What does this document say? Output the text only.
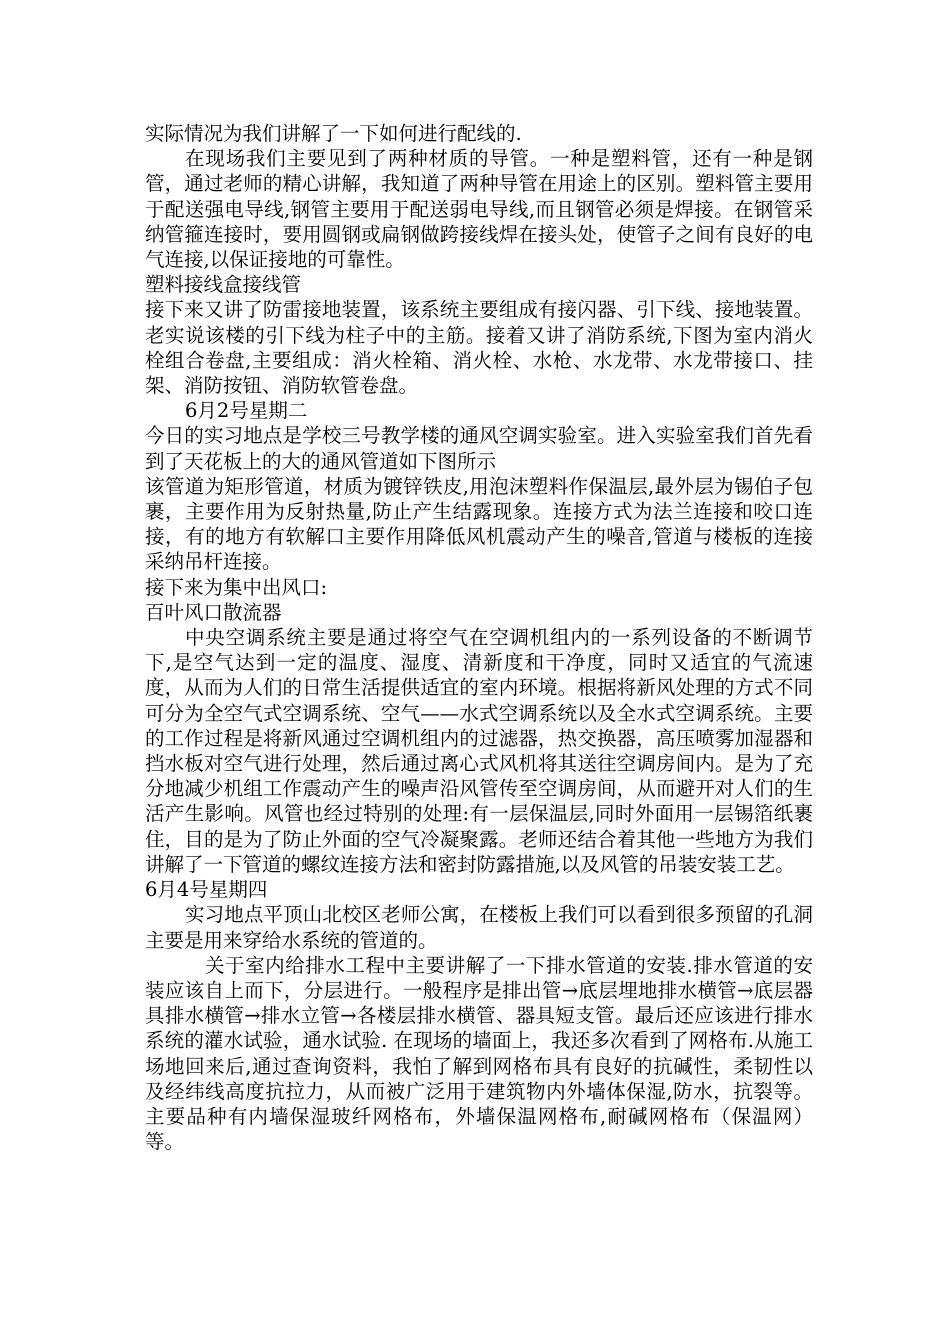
实际情况为我们讲解了一下如何进行配线的.

在现场我们主要见到了两种材质的导管。一种是塑料管，还有一种是钢管，通过老师的精心讲解，我知道了两种导管在用途上的区别。塑料管主要用于配送强电导线,钢管主要用于配送弱电导线,而且钢管必须是焊接。在钢管采纳管箍连接时，要用圆钢或扁钢做跨接线焊在接头处，使管子之间有良好的电气连接,以保证接地的可靠性。

塑料接线盒接线管

接下来又讲了防雷接地装置，该系统主要组成有接闪器、引下线、接地装置。老实说该楼的引下线为柱子中的主筋。接着又讲了消防系统,下图为室内消火栓组合卷盘,主要组成：消火栓箱、消火栓、水枪、水龙带、水龙带接口、挂架、消防按钮、消防软管卷盘。

6月2号星期二

今日的实习地点是学校三号教学楼的通风空调实验室。进入实验室我们首先看到了天花板上的大的通风管道如下图所示

该管道为矩形管道，材质为镀锌铁皮,用泡沫塑料作保温层,最外层为锡伯子包裹，主要作用为反射热量,防止产生结露现象。连接方式为法兰连接和咬口连接，有的地方有软解口主要作用降低风机震动产生的噪音,管道与楼板的连接采纳吊杆连接。

接下来为集中出风口:

百叶风口散流器

中央空调系统主要是通过将空气在空调机组内的一系列设备的不断调节下,是空气达到一定的温度、湿度、清新度和干净度，同时又适宜的气流速度，从而为人们的日常生活提供适宜的室内环境。根据将新风处理的方式不同可分为全空气式空调系统、空气——水式空调系统以及全水式空调系统。主要的工作过程是将新风通过空调机组内的过滤器，热交换器，高压喷雾加湿器和挡水板对空气进行处理，然后通过离心式风机将其送往空调房间内。是为了充分地减少机组工作震动产生的噪声沿风管传至空调房间，从而避开对人们的生活产生影响。风管也经过特别的处理:有一层保温层,同时外面用一层锡箔纸裹住，目的是为了防止外面的空气冷凝聚露。老师还结合着其他一些地方为我们讲解了一下管道的螺纹连接方法和密封防露措施,以及风管的吊装安装工艺。

6月4号星期四

实习地点平顶山北校区老师公寓，在楼板上我们可以看到很多预留的孔洞主要是用来穿给水系统的管道的。

关于室内给排水工程中主要讲解了一下排水管道的安装.排水管道的安装应该自上而下，分层进行。一般程序是排出管→底层埋地排水横管→底层器具排水横管→排水立管→各楼层排水横管、器具短支管。最后还应该进行排水系统的灌水试验，通水试验. 在现场的墙面上，我还多次看到了网格布.从施工场地回来后,通过查询资料，我怕了解到网格布具有良好的抗碱性，柔韧性以及经纬线高度抗拉力，从而被广泛用于建筑物内外墙体保湿,防水，抗裂等。主要品种有内墙保湿玻纤网格布，外墙保温网格布,耐碱网格布（保温网）等。
